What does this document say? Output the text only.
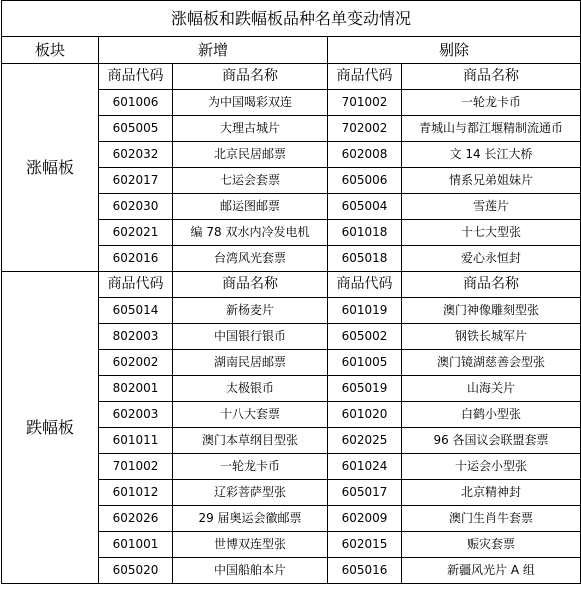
涨幅板和跌幅板品种名单变动情况				
板块	新增		剔除	
涨幅板	商品代码	商品名称	商品代码	商品名称
	601006	为中国喝彩双连	701002	一轮龙卡币
	605005	大理古城片	702002	青城山与都江堰精制流通币
	602032	北京民居邮票	602008	文 14 长江大桥
	602017	七运会套票	605006	情系兄弟姐妹片
	602030	邮运图邮票	605004	雪莲片
	602021	编 78 双水内冷发电机	601018	十七大型张
	602016	台湾风光套票	605018	爱心永恒封
跌幅板	商品代码	商品名称	商品代码	商品名称
	605014	新杨麦片	601019	澳门神像雕刻型张
	802003	中国银行银币	605002	钢铁长城军片
	602002	湖南民居邮票	601005	澳门镜湖慈善会型张
	802001	太极银币	605019	山海关片
	602003	十八大套票	601020	白鹤小型张
	601011	澳门本草纲目型张	602025	96 各国议会联盟套票
	701002	一轮龙卡币	601024	十运会小型张
	601012	辽彩菩萨型张	605017	北京精神封
	602026	29 届奥运会徽邮票	602009	澳门生肖牛套票
	601001	世博双连型张	602015	赈灾套票
	605020	中国船舶本片	605016	新疆风光片 A 组
